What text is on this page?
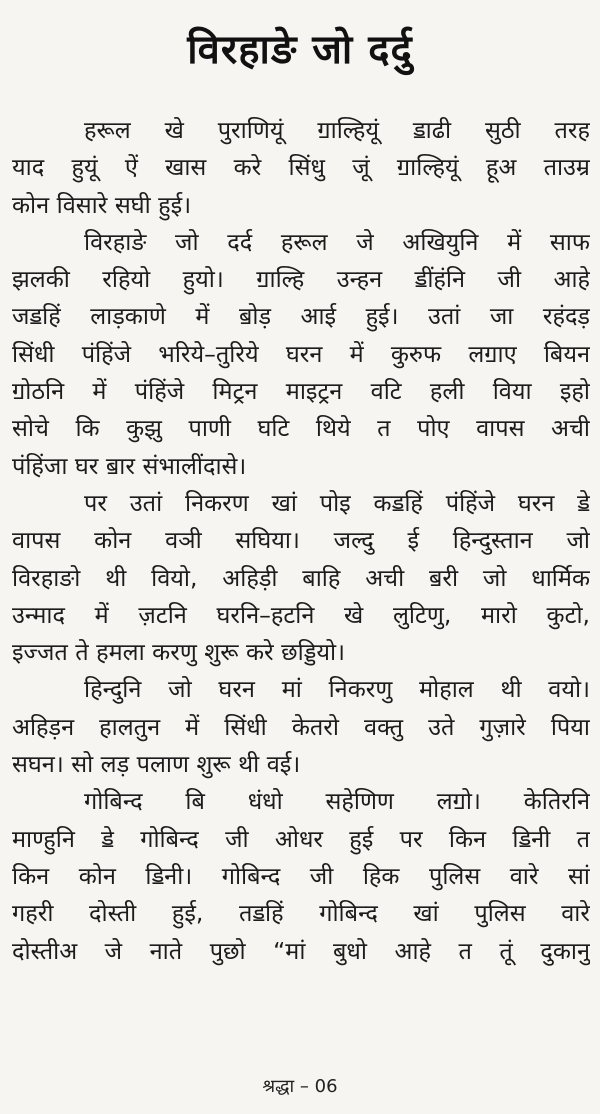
विरहाङे जो दर्दु
हरूल खे पुराणियूं ॻाल्हियूं ॾाढी सुठी तरह
याद हुयूं ऐं खास करे सिंधु जूं ॻाल्हियूं हूअ ताउम्र
कोन विसारे सघी हुई।
विरहाङे जो दर्द हरूल जे अखियुनि में साफ
झलकी रहियो हुयो। ॻाल्हि उन्हन ॾींहंनि जी आहे
जॾहिं लाड़काणे में ॿोड़ आई हुई। उतां जा रहंदड़
सिंधी पंहिंजे भरिये–तुरिये घरन में कुरुफ लॻाए बियन
ॻोठनि में पंहिंजे मिट्रन माइट्रन वटि हली विया इहो
सोचे कि कुझु पाणी घटि थिये त पोए वापस अची
पंहिंजा घर ॿार संभालींदासे।
पर उतां निकरण खां पोइ कॾहिं पंहिंजे घरन ॾे
वापस कोन वञी सघिया। जल्दु ई हिन्दुस्तान जो
विरहाङो थी वियो, अहिड़ी बाहि अची ॿरी जो धार्मिक
उन्माद में ज़टनि घरनि–हटनि खे लुटिणु, मारो कुटो,
इज्जत ते हमला करणु शुरू करे छड्डियो।
हिन्दुनि जो घरन मां निकरणु मोहाल थी वयो।
अहिड़न हालतुन में सिंधी केतरो वक्तु उते गुज़ारे पिया
सघन। सो लड़ पलाण शुरू थी वई।
गोबिन्द बि धंधो सहेणिण लॻो। केतिरनि
माण्हुनि ॾे गोबिन्द जी ओधर हुई पर किन ॾिनी त
किन कोन ॾिनी। गोबिन्द जी हिक पुलिस वारे सां
गहरी दोस्ती हुई, तॾहिं गोबिन्द खां पुलिस वारे
दोस्तीअ जे नाते पुछो “मां बुधो आहे त तूं दुकानु
श्रद्धा – 06
